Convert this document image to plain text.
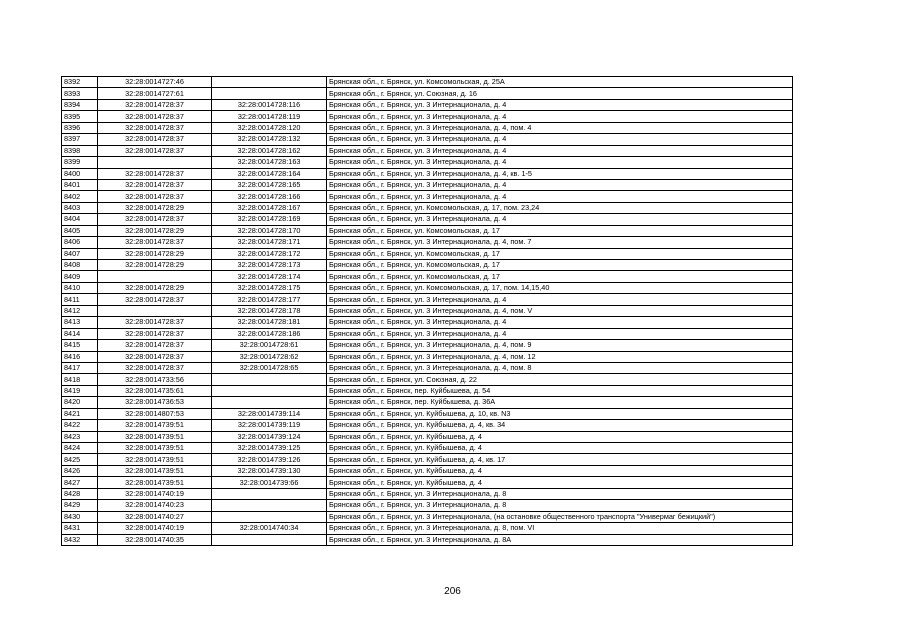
8392	32:28:0014727:46		Брянская обл., г. Брянск, ул. Комсомольская, д. 25А
8393	32:28:0014727:61		Брянская обл., г. Брянск, ул. Союзная, д. 16
8394	32:28:0014728:37	32:28:0014728:116	Брянская обл., г. Брянск, ул. 3 Интернационала, д. 4
8395	32:28:0014728:37	32:28:0014728:119	Брянская обл., г. Брянск, ул. 3 Интернационала, д. 4
8396	32:28:0014728:37	32:28:0014728:120	Брянская обл., г. Брянск, ул. 3 Интернационала, д. 4, пом. 4
8397	32:28:0014728:37	32:28:0014728:132	Брянская обл., г. Брянск, ул. 3 Интернационала, д. 4
8398	32:28:0014728:37	32:28:0014728:162	Брянская обл., г. Брянск, ул. 3 Интернационала, д. 4
8399		32:28:0014728:163	Брянская обл., г. Брянск, ул. 3 Интернационала, д. 4
8400	32:28:0014728:37	32:28:0014728:164	Брянская обл., г. Брянск, ул. 3 Интернационала, д. 4, кв. 1-5
8401	32:28:0014728:37	32:28:0014728:165	Брянская обл., г. Брянск, ул. 3 Интернационала, д. 4
8402	32:28:0014728:37	32:28:0014728:166	Брянская обл., г. Брянск, ул. 3 Интернационала, д. 4
8403	32:28:0014728:29	32:28:0014728:167	Брянская обл., г. Брянск, ул. Комсомольская, д. 17, пом. 23,24
8404	32:28:0014728:37	32:28:0014728:169	Брянская обл., г. Брянск, ул. 3 Интернационала, д. 4
8405	32:28:0014728:29	32:28:0014728:170	Брянская обл., г. Брянск, ул. Комсомольская, д. 17
8406	32:28:0014728:37	32:28:0014728:171	Брянская обл., г. Брянск, ул. 3 Интернационала, д. 4, пом. 7
8407	32:28:0014728:29	32:28:0014728:172	Брянская обл., г. Брянск, ул. Комсомольская, д. 17
8408	32:28:0014728:29	32:28:0014728:173	Брянская обл., г. Брянск, ул. Комсомольская, д. 17
8409		32:28:0014728:174	Брянская обл., г. Брянск, ул. Комсомольская, д. 17
8410	32:28:0014728:29	32:28:0014728:175	Брянская обл., г. Брянск, ул. Комсомольская, д. 17, пом. 14,15,40
8411	32:28:0014728:37	32:28:0014728:177	Брянская обл., г. Брянск, ул. 3 Интернационала, д. 4
8412		32:28:0014728:178	Брянская обл., г. Брянск, ул. 3 Интернационала, д. 4, пом. V
8413	32:28:0014728:37	32:28:0014728:181	Брянская обл., г. Брянск, ул. 3 Интернационала, д. 4
8414	32:28:0014728:37	32:28:0014728:186	Брянская обл., г. Брянск, ул. 3 Интернационала, д. 4
8415	32:28:0014728:37	32:28:0014728:61	Брянская обл., г. Брянск, ул. 3 Интернационала, д. 4, пом. 9
8416	32:28:0014728:37	32:28:0014728:62	Брянская обл., г. Брянск, ул. 3 Интернационала, д. 4, пом. 12
8417	32:28:0014728:37	32:28:0014728:65	Брянская обл., г. Брянск, ул. 3 Интернационала, д. 4, пом. 8
8418	32:28:0014733:56		Брянская обл., г. Брянск, ул. Союзная, д. 22
8419	32:28:0014735:61		Брянская обл., г. Брянск, пер. Куйбышева, д. 54
8420	32:28:0014736:53		Брянская обл., г. Брянск, пер. Куйбышева, д. 36А
8421	32:28:0014807:53	32:28:0014739:114	Брянская обл., г. Брянск, ул. Куйбышева, д. 10, кв. N3
8422	32:28:0014739:51	32:28:0014739:119	Брянская обл., г. Брянск, ул. Куйбышева, д. 4, кв. 34
8423	32:28:0014739:51	32:28:0014739:124	Брянская обл., г. Брянск, ул. Куйбышева, д. 4
8424	32:28:0014739:51	32:28:0014739:125	Брянская обл., г. Брянск, ул. Куйбышева, д. 4
8425	32:28:0014739:51	32:28:0014739:126	Брянская обл., г. Брянск, ул. Куйбышева, д. 4, кв. 17
8426	32:28:0014739:51	32:28:0014739:130	Брянская обл., г. Брянск, ул. Куйбышева, д. 4
8427	32:28:0014739:51	32:28:0014739:66	Брянская обл., г. Брянск, ул. Куйбышева, д. 4
8428	32:28:0014740:19		Брянская обл., г. Брянск, ул. 3 Интернационала, д. 8
8429	32:28:0014740:23		Брянская обл., г. Брянск, ул. 3 Интернационала, д. 8
8430	32:28:0014740:27		Брянская обл., г. Брянск, ул. 3 Интернационала, (на остановке общественного транспорта "Универмаг бежицкий")
8431	32:28:0014740:19	32:28:0014740:34	Брянская обл., г. Брянск, ул. 3 Интернационала, д. 8, пом. VI
8432	32:28:0014740:35		Брянская обл., г. Брянск, ул. 3 Интернационала, д. 8А
206
